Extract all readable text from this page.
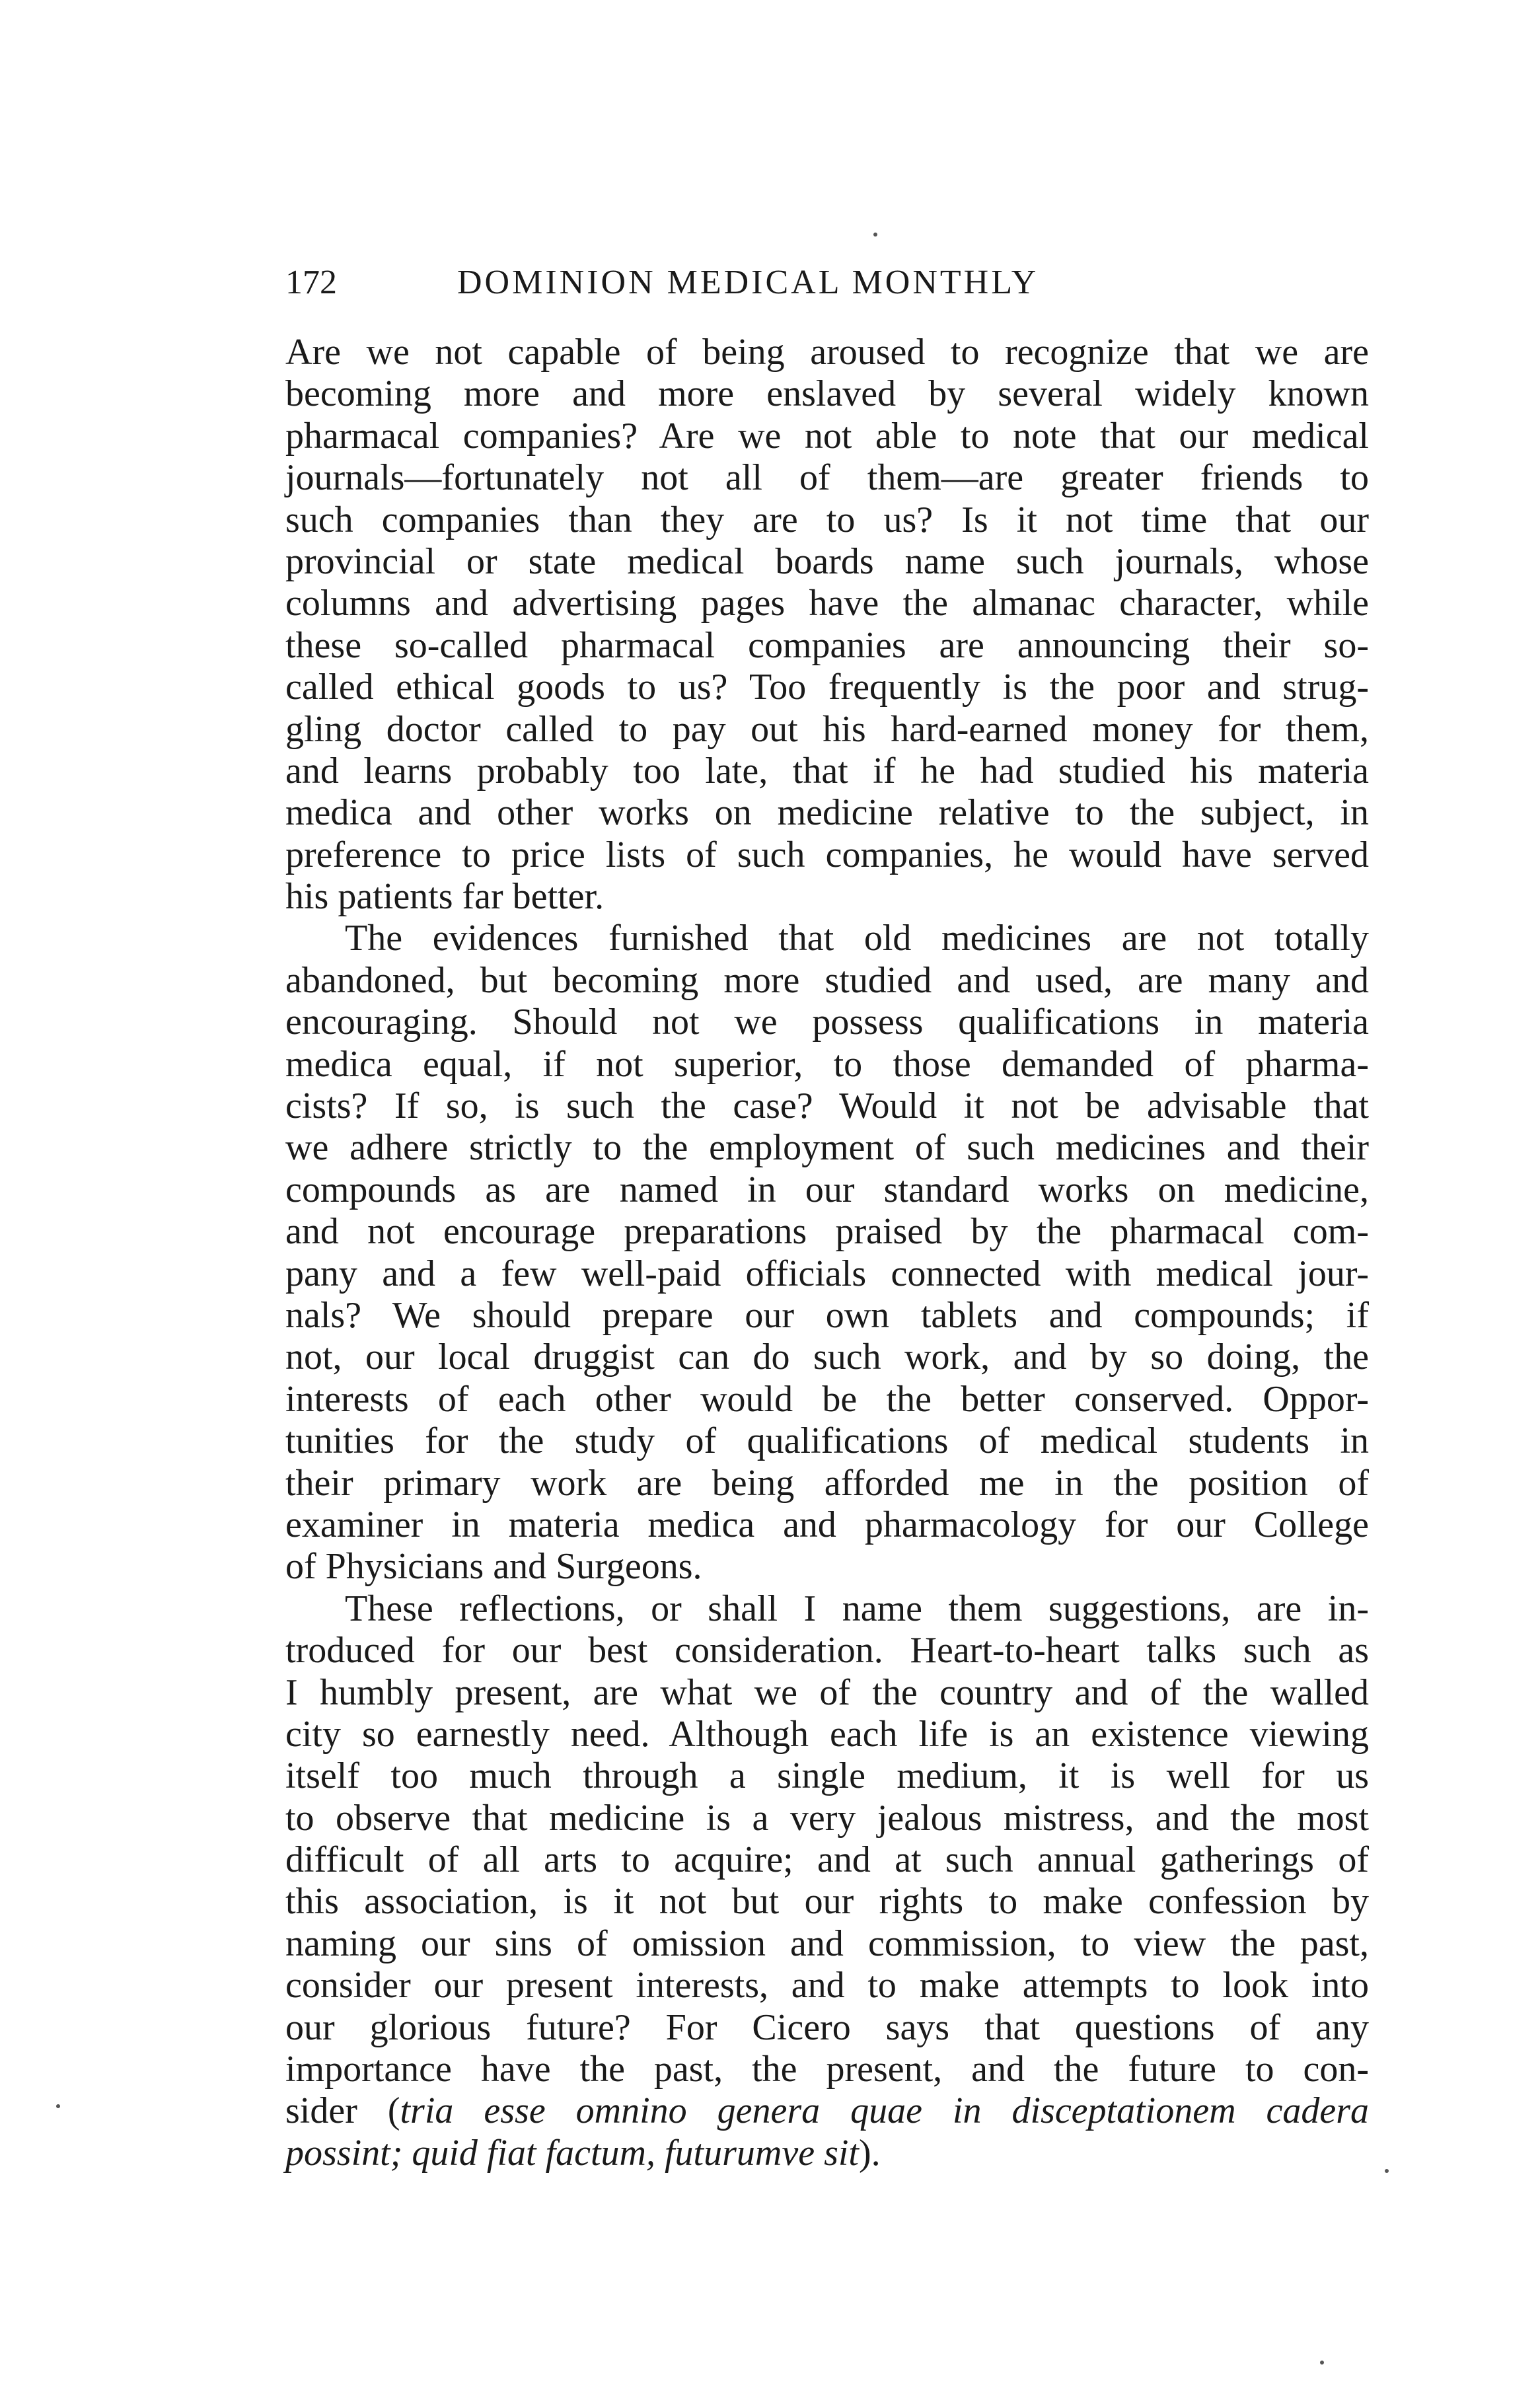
172	DOMINION MEDICAL MONTHLY
Are we not capable of being aroused to recognize that we are
becoming more and more enslaved by several widely known
pharmacal companies? Are we not able to note that our medical
journals—fortunately not all of them—are greater friends to
such companies than they are to us? Is it not time that our
provincial or state medical boards name such journals, whose
columns and advertising pages have the almanac character, while
these so-called pharmacal companies are announcing their so-
called ethical goods to us? Too frequently is the poor and strug-
gling doctor called to pay out his hard-earned money for them,
and learns probably too late, that if he had studied his materia
medica and other works on medicine relative to the subject, in
preference to price lists of such companies, he would have served
his patients far better.
The evidences furnished that old medicines are not totally
abandoned, but becoming more studied and used, are many and
encouraging. Should not we possess qualifications in materia
medica equal, if not superior, to those demanded of pharma-
cists? If so, is such the case? Would it not be advisable that
we adhere strictly to the employment of such medicines and their
compounds as are named in our standard works on medicine,
and not encourage preparations praised by the pharmacal com-
pany and a few well-paid officials connected with medical jour-
nals? We should prepare our own tablets and compounds; if
not, our local druggist can do such work, and by so doing, the
interests of each other would be the better conserved. Oppor-
tunities for the study of qualifications of medical students in
their primary work are being afforded me in the position of
examiner in materia medica and pharmacology for our College
of Physicians and Surgeons.
These reflections, or shall I name them suggestions, are in-
troduced for our best consideration. Heart-to-heart talks such as
I humbly present, are what we of the country and of the walled
city so earnestly need. Although each life is an existence viewing
itself too much through a single medium, it is well for us
to observe that medicine is a very jealous mistress, and the most
difficult of all arts to acquire; and at such annual gatherings of
this association, is it not but our rights to make confession by
naming our sins of omission and commission, to view the past,
consider our present interests, and to make attempts to look into
our glorious future? For Cicero says that questions of any
importance have the past, the present, and the future to con-
sider (tria esse omnino genera quae in disceptationem cadera
possint; quid fiat factum, futurumve sit).
